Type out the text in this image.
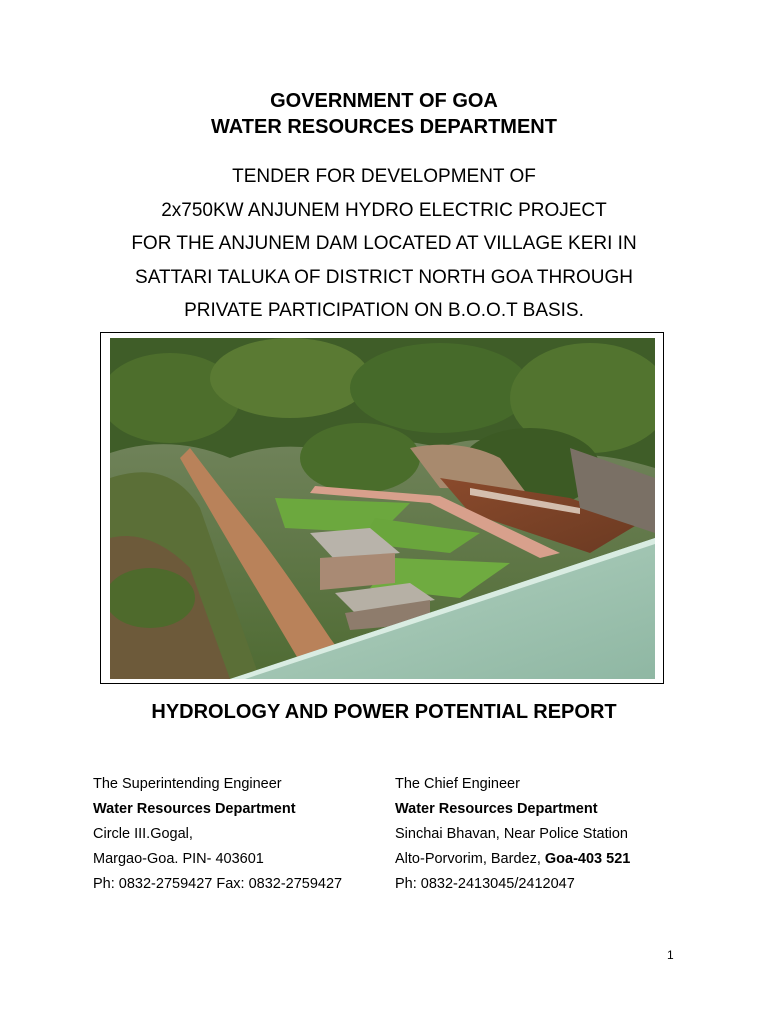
GOVERNMENT OF GOA
WATER RESOURCES DEPARTMENT
TENDER FOR DEVELOPMENT OF
2x750KW ANJUNEM HYDRO ELECTRIC PROJECT
FOR THE ANJUNEM DAM LOCATED AT VILLAGE KERI IN
SATTARI TALUKA OF DISTRICT NORTH GOA THROUGH
PRIVATE PARTICIPATION ON B.O.O.T BASIS.
HYDROLOGY AND POWER POTENTIAL REPORT
The Superintending Engineer
Water Resources Department
Circle III.Gogal,
Margao-Goa. PIN- 403601
Ph: 0832-2759427 Fax: 0832-2759427
The Chief Engineer
Water Resources Department
Sinchai Bhavan, Near Police Station
Alto-Porvorim, Bardez, Goa-403 521
Ph: 0832-2413045/2412047
1
